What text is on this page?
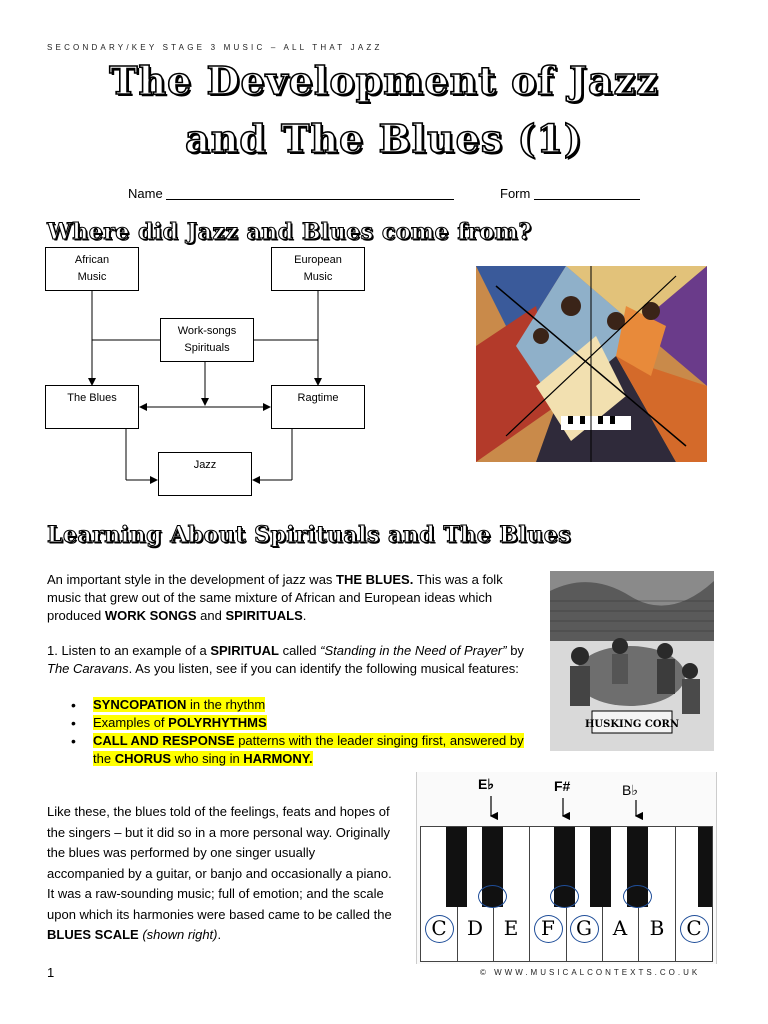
SECONDARY/KEY STAGE 3 MUSIC – ALL THAT JAZZ
The Development of Jazz
and The Blues (1)
Name	Form
Where did Jazz and Blues come from?
African
Music
European
Music
Work-songs
Spirituals
The Blues	Ragtime
Jazz
Learning About Spirituals and The Blues
An important style in the development of jazz was THE BLUES. This was a folk music that grew out of the same mixture of African and European ideas which produced WORK SONGS and SPIRITUALS.
1. Listen to an example of a SPIRITUAL called “Standing in the Need of Prayer” by The Caravans. As you listen, see if you can identify the following musical features:
• SYNCOPATION in the rhythm
• Examples of POLYRHYTHMS
• CALL AND RESPONSE patterns with the leader singing first, answered by the CHORUS who sing in HARMONY.
HUSKING CORN
Like these, the blues told of the feelings, feats and hopes of the singers – but it did so in a more personal way. Originally the blues was performed by one singer usually accompanied by a guitar, or banjo and occasionally a piano. It was a raw-sounding music; full of emotion; and the scale upon which its harmonies were based came to be called the BLUES SCALE (shown right).
E♭	F#	B♭
C	D	E	F	G	A	B	C
1	© WWW.MUSICALCONTEXTS.CO.UK
